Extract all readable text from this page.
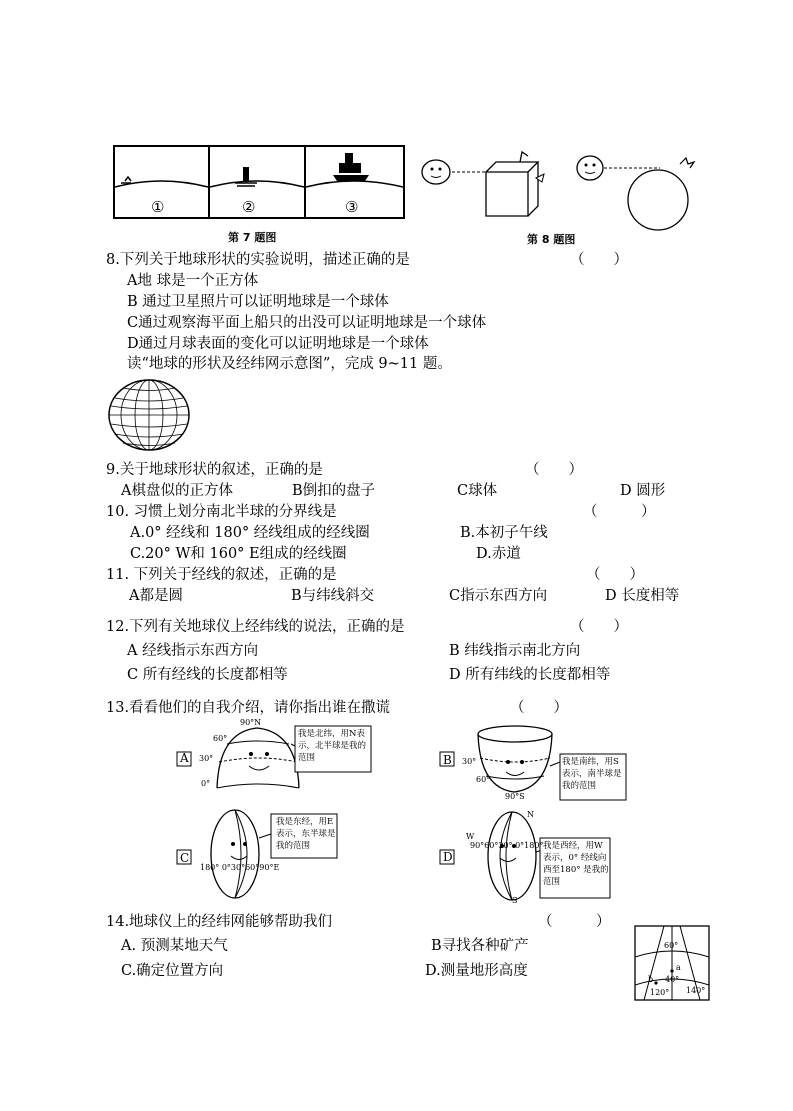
①	②	③
第 7 题图	第 8 题图
8.下列关于地球形状的实验说明，描述正确的是	（　　）
A地 球是一个正方体
B 通过卫星照片可以证明地球是一个球体
C通过观察海平面上船只的出没可以证明地球是一个球体
D通过月球表面的变化可以证明地球是一个球体
读“地球的形状及经纬网示意图”，完成 9~11 题。
9.关于地球形状的叙述，正确的是	（　　）
A棋盘似的正方体	B倒扣的盘子	C球体	D 圆形
10. 习惯上划分南北半球的分界线是	（　　　）
A.0° 经线和 180° 经线组成的经线圈	B.本初子午线
C.20° W和 160° E组成的经线圈	D.赤道
11. 下列关于经线的叙述，正确的是	（　　）
A都是圆	B与纬线斜交	C指示东西方向	D 长度相等
12.下列有关地球仪上经纬线的说法，正确的是	（　　）
A 经线指示东西方向	B 纬线指示南北方向
C 所有经线的长度都相等	D 所有纬线的长度都相等
13.看看他们的自我介绍，请你指出谁在撒谎	（　　）
A
90°N
60°
30°
0°
我是北纬，用N表示，北半球是我的范围	B 30°
60°
90°S
我是南纬，用S表示，南半球是我的范围
C
180° 0°30°60°90°E
我是东经，用E表示，东半球是我的范围
D
N
W
90°60°30° 0°180°
S
我是西经，用W表示，0° 经线向西至180° 是我的范围
14.地球仪上的经纬网能够帮助我们	（　　　）
A. 预测某地天气	B寻找各种矿产
C.确定位置方向	D.测量地形高度
60°
a
40°
b
120° 140°
